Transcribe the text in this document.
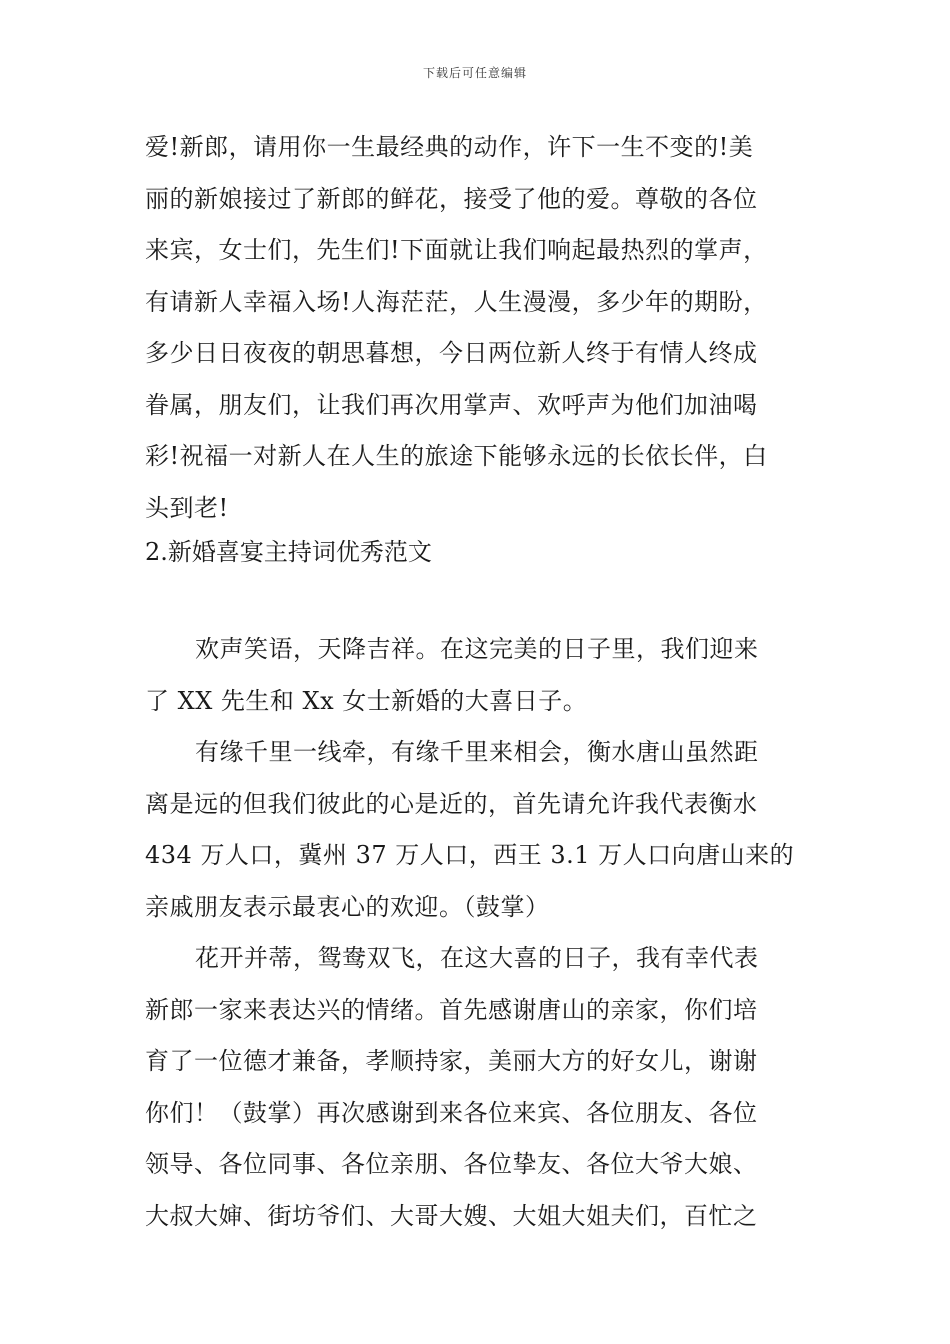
下载后可任意编辑
爱!新郎，请用你一生最经典的动作，许下一生不变的!美
丽的新娘接过了新郎的鲜花，接受了他的爱。尊敬的各位
来宾，女士们，先生们!下面就让我们响起最热烈的掌声，
有请新人幸福入场!人海茫茫，人生漫漫，多少年的期盼，
多少日日夜夜的朝思暮想，今日两位新人终于有情人终成
眷属，朋友们，让我们再次用掌声、欢呼声为他们加油喝
彩!祝福一对新人在人生的旅途下能够永远的长依长伴，白
头到老!
2.新婚喜宴主持词优秀范文

欢声笑语，天降吉祥。在这完美的日子里，我们迎来
了 XX 先生和 Xx 女士新婚的大喜日子。

有缘千里一线牵，有缘千里来相会，衡水唐山虽然距
离是远的但我们彼此的心是近的，首先请允许我代表衡水
434 万人口，冀州 37 万人口，西王 3.1 万人口向唐山来的
亲戚朋友表示最衷心的欢迎。（鼓掌）

花开并蒂，鸳鸯双飞，在这大喜的日子，我有幸代表
新郎一家来表达兴的情绪。首先感谢唐山的亲家，你们培
育了一位德才兼备，孝顺持家，美丽大方的好女儿，谢谢
你们！（鼓掌）再次感谢到来各位来宾、各位朋友、各位
领导、各位同事、各位亲朋、各位挚友、各位大爷大娘、
大叔大婶、街坊爷们、大哥大嫂、大姐大姐夫们，百忙之
